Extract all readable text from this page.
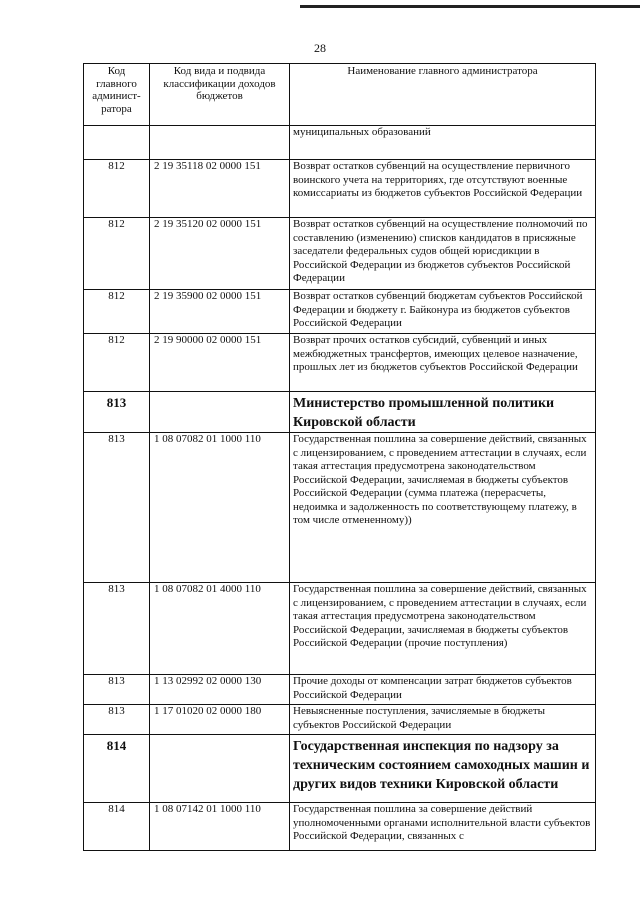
28
Код главного админист-ратора	Код вида и подвида классификации доходов бюджетов	Наименование главного администратора
		муниципальных образований
812	2 19 35118 02 0000 151	Возврат остатков субвенций на осуществление первичного воинского учета на территориях, где отсутствуют военные комиссариаты из бюджетов субъектов Российской Федерации
812	2 19 35120 02 0000 151	Возврат остатков субвенций на осуществление полномочий по составлению (изменению) списков кандидатов в присяжные заседатели федеральных судов общей юрисдикции в Российской Федерации из бюджетов субъектов Российской Федерации
812	2 19 35900 02 0000 151	Возврат остатков субвенций бюджетам субъектов Российской Федерации и бюджету г. Байконура из бюджетов субъектов Российской Федерации
812	2 19 90000 02 0000 151	Возврат прочих остатков субсидий, субвенций и иных межбюджетных трансфертов, имеющих целевое назначение, прошлых лет из бюджетов субъектов Российской Федерации
813		Министерство промышленной политики Кировской области
813	1 08 07082 01 1000 110	Государственная пошлина за совершение действий, связанных с лицензированием, с проведением аттестации в случаях, если такая аттестация предусмотрена законодательством Российской Федерации, зачисляемая в бюджеты субъектов Российской Федерации (сумма платежа (перерасчеты, недоимка и задолженность по соответствующему платежу, в том числе отмененному))
813	1 08 07082 01 4000 110	Государственная пошлина за совершение действий, связанных с лицензированием, с проведением аттестации в случаях, если такая аттестация предусмотрена законодательством Российской Федерации, зачисляемая в бюджеты субъектов Российской Федерации (прочие поступления)
813	1 13 02992 02 0000 130	Прочие доходы от компенсации затрат бюджетов субъектов Российской Федерации
813	1 17 01020 02 0000 180	Невыясненные поступления, зачисляемые в бюджеты субъектов Российской Федерации
814		Государственная инспекция по надзору за техническим состоянием самоходных машин и других видов техники Кировской области
814	1 08 07142 01 1000 110	Государственная пошлина за совершение действий уполномоченными органами исполнительной власти субъектов Российской Федерации, связанных с
